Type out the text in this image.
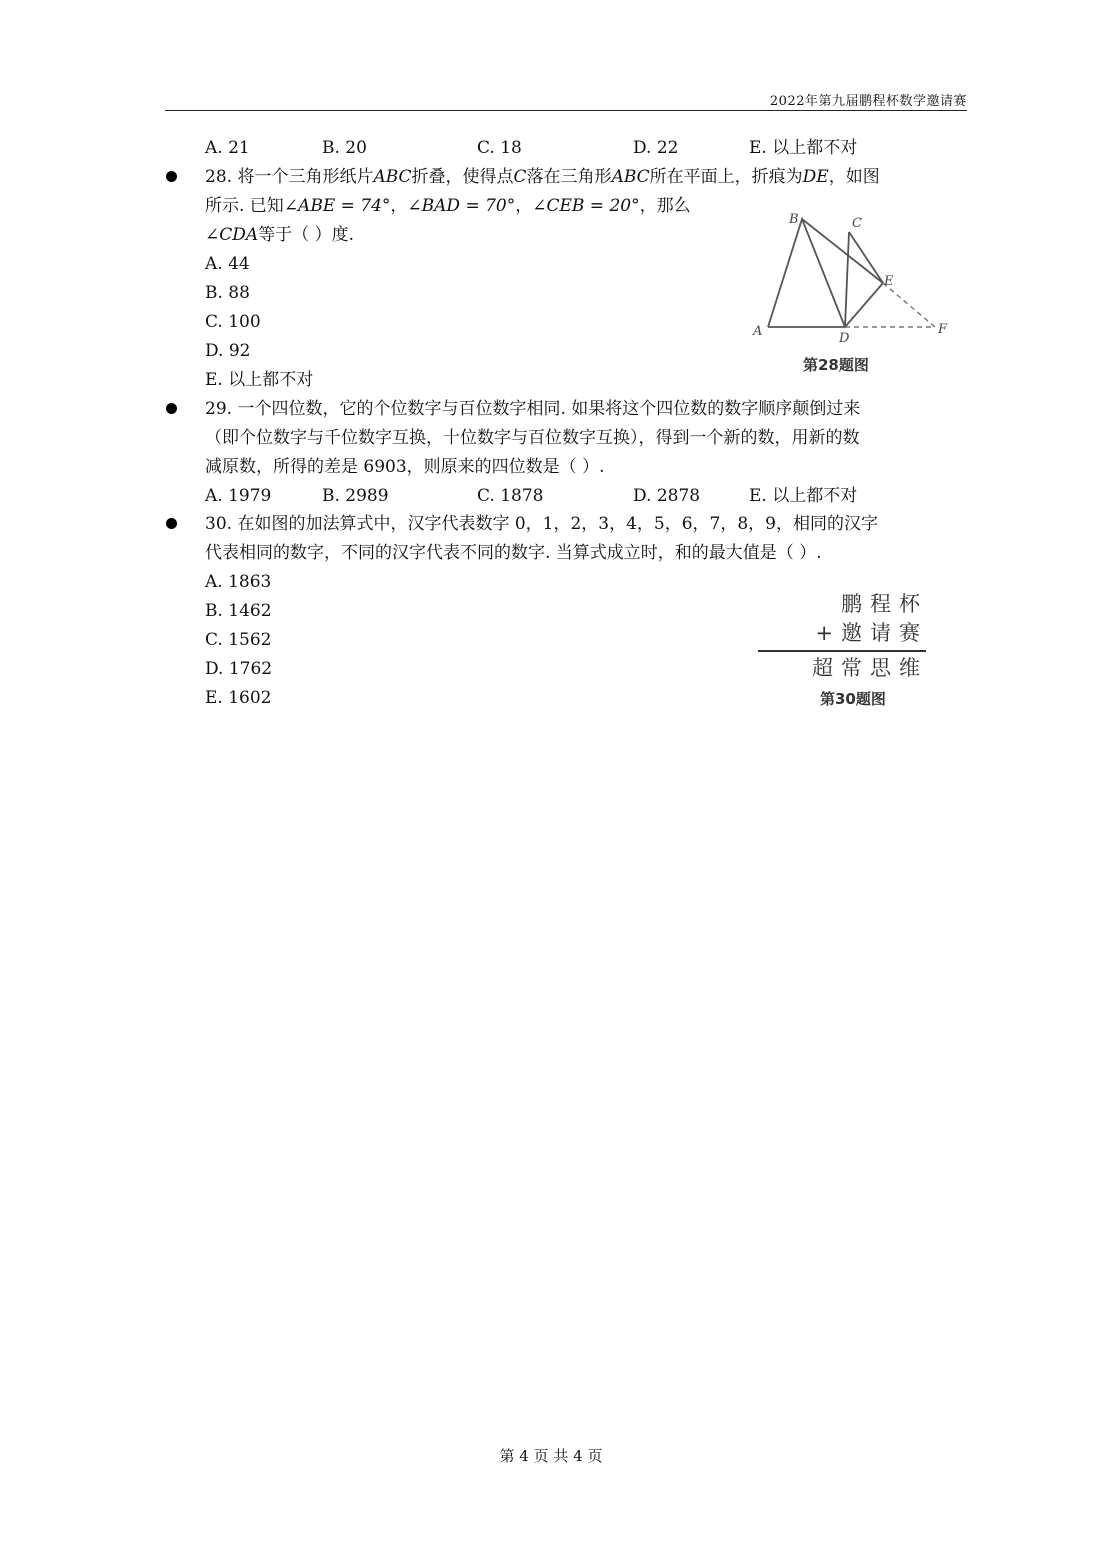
2022年第九届鹏程杯数学邀请赛
A. 21	B. 20	C. 18	D. 22	E. 以上都不对
28. 将一个三角形纸片ABC折叠，使得点C落在三角形ABC所在平面上，折痕为DE，如图
所示. 已知∠ABE = 74°，∠BAD = 70°，∠CEB = 20°，那么
∠CDA等于（ ）度.
A. 44
B. 88
C. 100
D. 92
E. 以上都不对
B	C
E
A	D
F
第28题图
29. 一个四位数，它的个位数字与百位数字相同. 如果将这个四位数的数字顺序颠倒过来
（即个位数字与千位数字互换，十位数字与百位数字互换），得到一个新的数，用新的数
减原数，所得的差是 6903，则原来的四位数是（ ）.
A. 1979	B. 2989	C. 1878	D. 2878	E. 以上都不对
30. 在如图的加法算式中，汉字代表数字 0，1，2，3，4，5，6，7，8，9，相同的汉字
代表相同的数字，不同的汉字代表不同的数字. 当算式成立时，和的最大值是（ ）.
A. 1863
B. 1462
C. 1562
D. 1762
E. 1602
鹏程杯
+邀请赛
超常思维
第30题图
第 4 页 共 4 页
